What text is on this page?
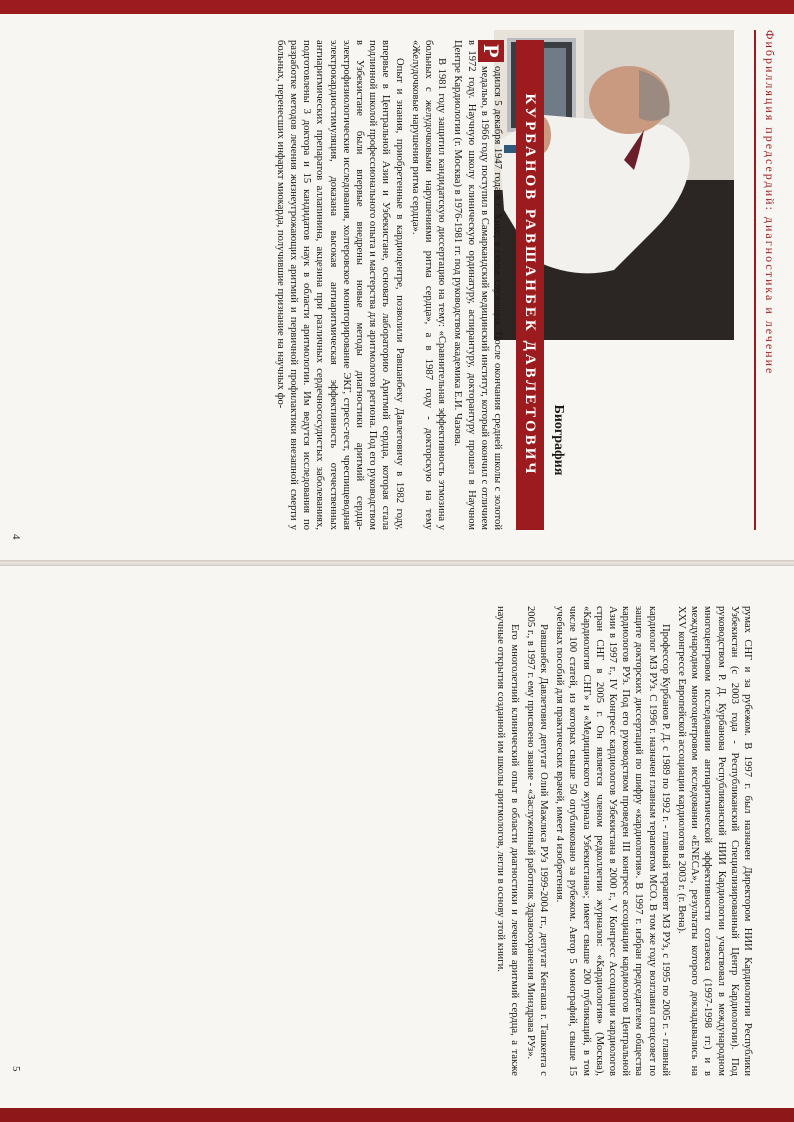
Фибрилляция предсердий: диагностика и лечение
Биография
КУРБАНОВ РАВШАНБЕК ДАВЛЕТОВИЧ

Р
одился 5 декабря 1947 года в г. Хиве, в семье служащих. После окончания средней школы с золотой медалью, в 1966 году поступил в Самаркандский медицинский институт, который окончил с отличием в 1972 году. Научную школу клиническую ординатуру, аспирантуру, докторантуру прошел в Научном Центре Кардиологии (г. Москва) в 1976-1981 гг. под руководством академика Е.И. Чазова.

В 1981 году защитил кандидатскую диссертацию на тему: «Сравнительная эффективность этмозина у больных с желудочковыми нарушениями ритма сердца», а в 1987 году - докторскую на тему «Желудочковые нарушения ритма сердца».

Опыт и знания, приобретенные в кардиоцентре, позволили Равшанбеку Давлетовичу в 1982 году, впервые в Центральной Азии и Узбекистане, основать лабораторию Аритмий сердца, которая стала подлинной школой профессионального опыта и мастерства для аритмологов региона. Под его руководством в Узбекистане были впервые внедрены новые методы диагностики аритмий сердца-электрофизиологические исследования, холтеровское мониторирование ЭКГ, стресс-тест, чреспищеводная электрокардиостимуляция, доказана высокая антиаритмическая эффективность отечественных антиаритмических препаратов аллапинина, акцезина при различных сердечнососудистых заболеваниях, подготовлены 3 доктора и 15 кандидатов наук в области аритмологии. Им ведутся исследования по разработке методов лечения жизнеугрожающих аритмий и первичной профилактики внезапной смерти у больных, перенесших инфаркт миокарда, получившие признание на научных фо-

4

румах СНГ и за рубежом. В 1997 г. был назначен Директором НИИ Кардиологии Республики Узбекистан (с 2003 года - Республиканский Специализированный Центр Кардиологии). Под руководством Р. Д. Курбанова Республиканский НИИ Кардиологии участвовал в международном многоцентровом исследовании антиаритмической эффективности сотазекса (1997-1998 гг.) и в международном многоцентровом исследовании «ENECA», результаты которого докладывались на XXV конгрессе Европейской ассоциации кардиологов в 2003 г. (г. Вена).

Профессор Курбанов Р. Д. с 1989 по 1992 г. - главный терапевт МЗ РУз, с 1995 по 2005 г. - главный кардиолог МЗ РУз. С 1996 г. назначен главным терапевтом МСО. В том же году возглавил спецсовет по защите докторских диссертаций по шифру «кардиология». В 1997 г. избран председателем общества кардиологов РУз. Под его руководством проведен III конгресс ассоциации кардиологов Центральной Азии в 1997 г., IV Конгресс кардиологов Узбекистана в 2000 г., V Конгресс Ассоциации кардиологов стран СНГ в 2005 г. Он является членом редколлегии журналов: «Кардиология» (Москва), «Кардиология СНГ» и «Медицинского журнала Узбекистана»; имеет свыше 200 публикаций, в том числе 100 статей, из которых свыше 50 опубликовано за рубежом. Автор 5 монографий, свыше 15 учебных пособий для практических врачей, имеет 4 изобретения.

Равшанбек Давлетович депутат Олий Мажлиса РУз 1999-2004 гг., депутат Кенгаша г. Ташкента с 2005 г., в 1997 г. ему присвоено звание - «Заслуженный работник Здравоохранения Минздрава РУз».

Его многолетний клинический опыт в области диагностики и лечения аритмий сердца, а также научные открытия созданной им школы аритмологов, легли в основу этой книги.

5
